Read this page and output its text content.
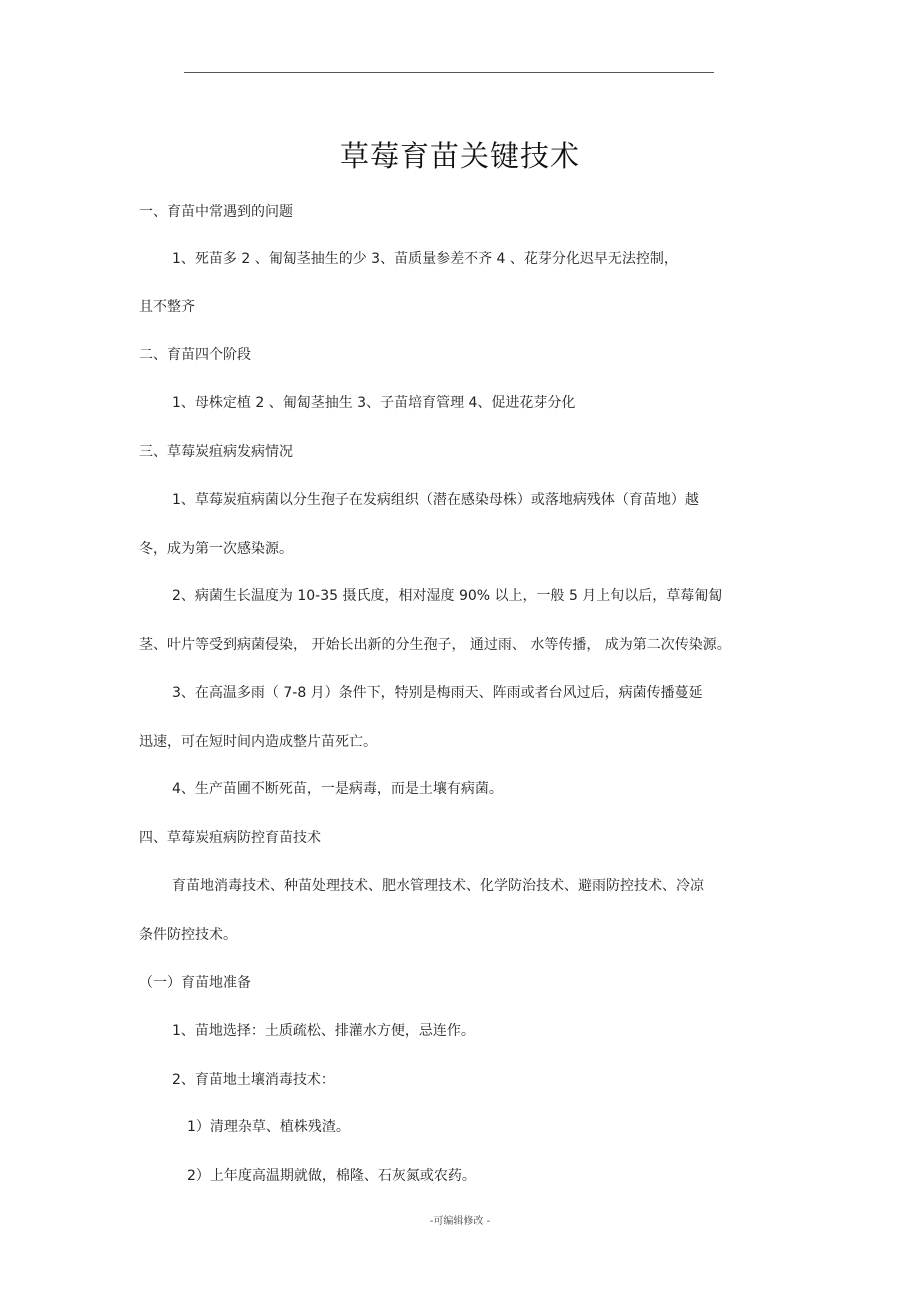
草莓育苗关键技术
一、育苗中常遇到的问题
1、死苗多 2 、匍匐茎抽生的少 3、苗质量参差不齐 4 、花芽分化迟早无法控制，
且不整齐
二、育苗四个阶段
1、母株定植 2 、匍匐茎抽生 3、子苗培育管理 4、促进花芽分化
三、草莓炭疽病发病情况
1、草莓炭疽病菌以分生孢子在发病组织（潜在感染母株）或落地病残体（育苗地）越
冬，成为第一次感染源。
2、病菌生长温度为 10-35 摄氏度，相对湿度 90% 以上，一般 5 月上旬以后，草莓匍匐
茎、叶片等受到病菌侵染， 开始长出新的分生孢子， 通过雨、 水等传播， 成为第二次传染源。
3、在高温多雨（ 7-8 月）条件下，特别是梅雨天、阵雨或者台风过后，病菌传播蔓延
迅速，可在短时间内造成整片苗死亡。
4、生产苗圃不断死苗，一是病毒，而是土壤有病菌。
四、草莓炭疽病防控育苗技术
育苗地消毒技术、种苗处理技术、肥水管理技术、化学防治技术、避雨防控技术、冷凉
条件防控技术。
（一）育苗地准备
1、苗地选择：土质疏松、排灌水方便，忌连作。
2、育苗地土壤消毒技术：
1）清理杂草、植株残渣。
2）上年度高温期就做，棉隆、石灰氮或农药。
-可编辑修改 -
